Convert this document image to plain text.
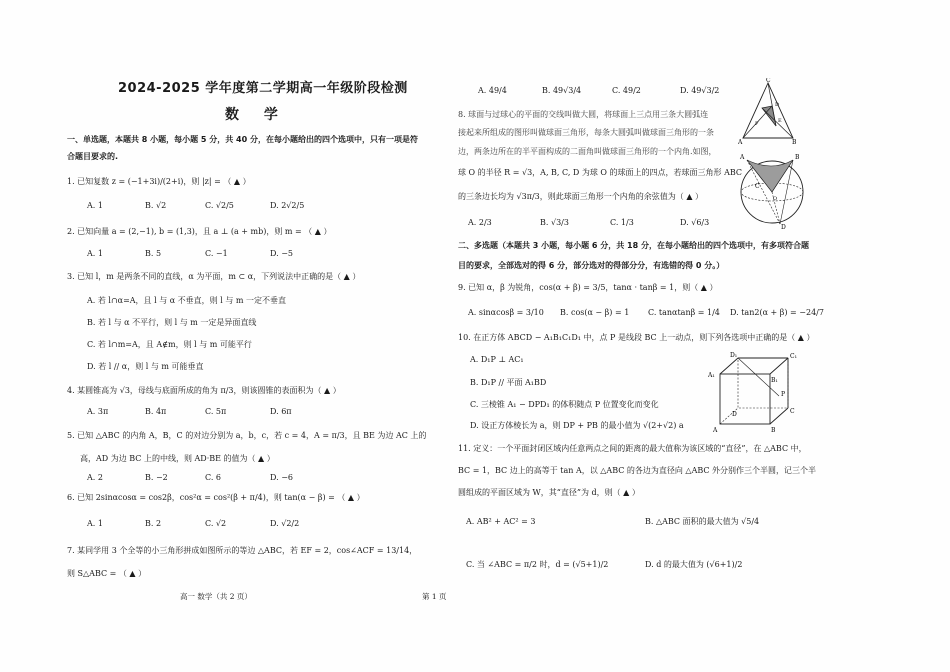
2024-2025 学年度第二学期高一年级阶段检测
数 学
一、单选题，本题共 8 小题，每小题 5 分，共 40 分，在每小题给出的四个选项中，只有一项是符
合题目要求的.
1. 已知复数 z = (−1+3i)/(2+i)，则 |z| = （ ▲ ）
A. 1	B. √2	C. √2/5	D. 2√2/5
2. 已知向量 a = (2,−1), b = (1,3)，且 a ⊥ (a + mb)，则 m = （ ▲ ）
A. 1	B. 5	C. −1	D. −5
3. 已知 l，m 是两条不同的直线，α 为平面，m ⊂ α，下列说法中正确的是（ ▲ ）
A. 若 l∩α=A，且 l 与 α 不垂直，则 l 与 m 一定不垂直
B. 若 l 与 α 不平行，则 l 与 m 一定是异面直线
C. 若 l∩m=A，且 A∉m，则 l 与 m 可能平行
D. 若 l // α，则 l 与 m 可能垂直
4. 某圆锥高为 √3，母线与底面所成的角为 π/3，则该圆锥的表面积为（ ▲ ）
A. 3π	B. 4π	C. 5π	D. 6π
5. 已知 △ABC 的内角 A，B，C 的对边分别为 a，b，c，若 c = 4，A = π/3，且 BE 为边 AC 上的
高，AD 为边 BC 上的中线，则 AD·BE 的值为（ ▲ ）
A. 2	B. −2	C. 6	D. −6
6. 已知 2sinαcosα = cos2β，cos²α = cos²(β + π/4)，则 tan(α − β) = （ ▲ ）
A. 1	B. 2	C. √2	D. √2/2
7. 某同学用 3 个全等的小三角形拼成如图所示的等边 △ABC，若 EF = 2，cos∠ACF = 13/14，
则 S△ABC = （ ▲ ）
高一 数学（共 2 页）	第 1 页
A. 49/4	B. 49√3/4	C. 49/2	D. 49√3/2
C
D
E
F
A	B
8. 球面与过球心的平面的交线叫做大圆，将球面上三点用三条大圆弧连
接起来所组成的图形叫做球面三角形，每条大圆弧叫做球面三角形的一条
边，两条边所在的半平面构成的二面角叫做球面三角形的一个内角.如图，
球 O 的半径 R = √3，A, B, C, D 为球 O 的球面上的四点，若球面三角形 ABC
的三条边长均为 √3π/3，则此球面三角形一个内角的余弦值为（ ▲ ）
A. 2/3	B. √3/3	C. 1/3	D. √6/3
A	B
C
O
D
二、多选题（本题共 3 小题，每小题 6 分，共 18 分，在每小题给出的四个选项中，有多项符合题
目的要求，全部选对的得 6 分，部分选对的得部分分，有选错的得 0 分。）
9. 已知 α，β 为锐角，cos(α + β) = 3/5，tanα · tanβ = 1，则（ ▲ ）
A. sinαcosβ = 3/10 B. cos(α − β) = 1 C. tanαtanβ = 1/4 D. tan2(α + β) = −24/7
10. 在正方体 ABCD − A₁B₁C₁D₁ 中，点 P 是线段 BC 上一动点，则下列各选项中正确的是（ ▲ ）
A. D₁P ⊥ AC₁
B. D₁P // 平面 A₁BD
C. 三棱锥 A₁ − DPD₁ 的体积随点 P 位置变化而变化
D. 设正方体棱长为 a，则 DP + PB 的最小值为 √(2+√2) a
D₁	C₁
A₁
B₁
P
D	C
A	B
11. 定义：一个平面封闭区域内任意两点之间的距离的最大值称为该区域的“直径”，在 △ABC 中，
BC = 1，BC 边上的高等于 tan A，以 △ABC 的各边为直径向 △ABC 外分别作三个半圆，记三个半
圆组成的平面区域为 W，其“直径”为 d，则（ ▲ ）
A. AB² + AC² = 3	B. △ABC 面积的最大值为 √5/4
C. 当 ∠ABC = π/2 时，d = (√5+1)/2	D. d 的最大值为 (√6+1)/2
